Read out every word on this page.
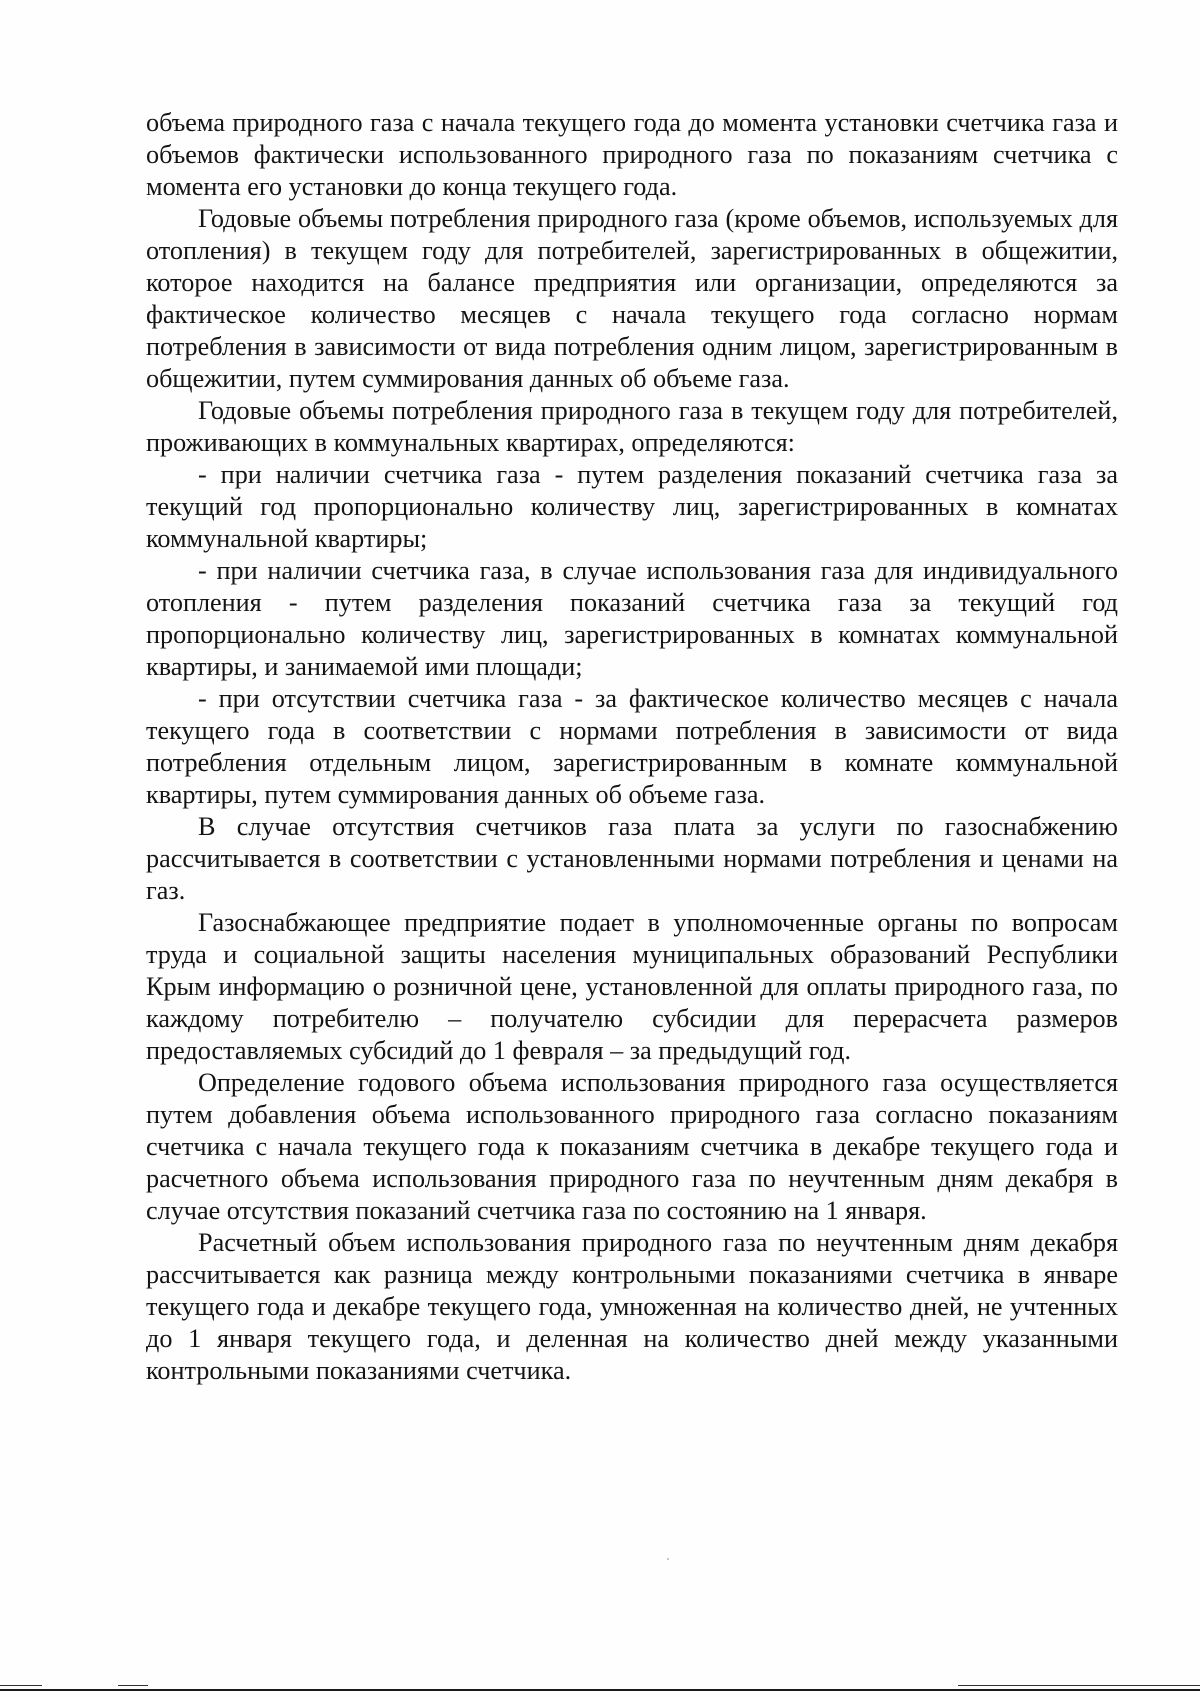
объема природного газа с начала текущего года до момента установки счетчика газа и объемов фактически использованного природного газа по показаниям счетчика с момента его установки до конца текущего года.

Годовые объемы потребления природного газа (кроме объемов, используемых для отопления) в текущем году для потребителей, зарегистрированных в общежитии, которое находится на балансе предприятия или организации, определяются за фактическое количество месяцев с начала текущего года согласно нормам потребления в зависимости от вида потребления одним лицом, зарегистрированным в общежитии, путем суммирования данных об объеме газа.

Годовые объемы потребления природного газа в текущем году для потребителей, проживающих в коммунальных квартирах, определяются:

- при наличии счетчика газа - путем разделения показаний счетчика газа за текущий год пропорционально количеству лиц, зарегистрированных в комнатах коммунальной квартиры;

- при наличии счетчика газа, в случае использования газа для индивидуального отопления - путем разделения показаний счетчика газа за текущий год пропорционально количеству лиц, зарегистрированных в комнатах коммунальной квартиры, и занимаемой ими площади;

- при отсутствии счетчика газа - за фактическое количество месяцев с начала текущего года в соответствии с нормами потребления в зависимости от вида потребления отдельным лицом, зарегистрированным в комнате коммунальной квартиры, путем суммирования данных об объеме газа.

В случае отсутствия счетчиков газа плата за услуги по газоснабжению рассчитывается в соответствии с установленными нормами потребления и ценами на газ.

Газоснабжающее предприятие подает в уполномоченные органы по вопросам труда и социальной защиты населения муниципальных образований Республики Крым информацию о розничной цене, установленной для оплаты природного газа, по каждому потребителю – получателю субсидии для перерасчета размеров предоставляемых субсидий до 1 февраля – за предыдущий год.

Определение годового объема использования природного газа осуществляется путем добавления объема использованного природного газа согласно показаниям счетчика с начала текущего года к показаниям счетчика в декабре текущего года и расчетного объема использования природного газа по неучтенным дням декабря в случае отсутствия показаний счетчика газа по состоянию на 1 января.

Расчетный объем использования природного газа по неучтенным дням декабря рассчитывается как разница между контрольными показаниями счетчика в январе текущего года и декабре текущего года, умноженная на количество дней, не учтенных до 1 января текущего года, и деленная на количество дней между указанными контрольными показаниями счетчика.
